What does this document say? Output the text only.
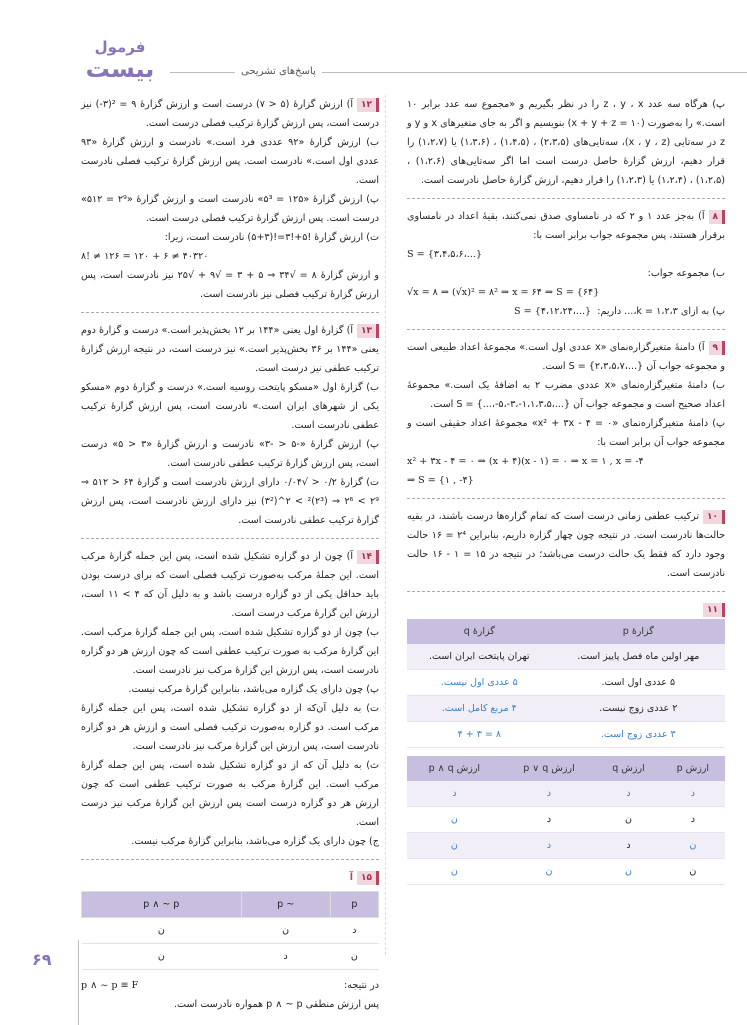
فرمول
بیست	پاسخ‌های تشریحی

پ) هرگاه سه عدد z ، y ، x را در نظر بگیریم و «مجموع سه عدد برابر ۱۰ است.» را به‌صورت (x + y + z = ۱۰) بنویسیم و اگر به جای متغیرهای x و y و z در سه‌تایی (x ، y ، z)، سه‌تایی‌های (۲،۳،۵) ، (۱،۴،۵) ، (۱،۳،۶) یا (۱،۲،۷) را قرار دهیم، ارزش گزارهٔ حاصل درست است اما اگر سه‌تایی‌های (۱،۲،۶) ، (۱،۲،۵) ، (۱،۲،۴) یا (۱،۲،۳) را قرار دهیم، ارزش گزارهٔ حاصل نادرست است.

۸آ) به‌جز عدد ۱ و ۲ که در نامساوی صدق نمی‌کنند، بقیهٔ اعداد در نامساوی برقرار هستند، پس مجموعه جواب برابر است با:

S = {۳،۴،۵،۶،...}

ب) مجموعه جواب:

√x = ۸ ⇒ (√x)² = ۸² ⇒ x = ۶۴ ⇒ S = {۶۴}

پ) به ازای k = ۱،۲،۳،... داریم:  S = {۴،۱۲،۲۴،...}

۹آ) دامنهٔ متغیرگزاره‌نمای «x عددی اول است.» مجموعهٔ اعداد طبیعی است و مجموعه جواب آن S = {۲،۳،۵،۷،...} است.

ب) دامنهٔ متغیرگزاره‌نمای «x عددی مضرب ۲ به اضافهٔ یک است.» مجموعهٔ اعداد صحیح است و مجموعه جواب آن S = {...،-۵،-۳،-۱،۱،۳،۵،...} است.

پ) دامنهٔ متغیرگزاره‌نمای «x² + ۳x - ۴ = ۰» مجموعهٔ اعداد حقیقی است و مجموعه جواب آن برابر است با:

x² + ۳x - ۴ = ۰ ⇒ (x + ۴)(x - ۱) = ۰ ⇒ x = ۱ , x = -۴

⇒ S = {۱ , -۴}

۱۰ترکیب عطفی زمانی درست است که تمام گزاره‌ها درست باشند، در بقیه حالت‌ها نادرست است. در نتیجه چون چهار گزاره داریم، بنابراین ۲⁴ = ۱۶ حالت وجود دارد که فقط یک حالت درست می‌باشد؛ در نتیجه در ۱۵ = ۱ - ۱۶ حالت نادرست است.

۱۱

گزارهٔ p	گزارهٔ q
مهر اولین ماه فصل پاییز است.	تهران پایتخت ایران است.
۵ عددی اول است.	۵ عددی اول نیست.
۲ عددی زوج نیست.	۴ مربع کامل است.
۳ عددی زوج است.	۸ = ۳ + ۴
ارزش p	ارزش q	ارزش p ∨ q	ارزش p ∧ q
د	د	د	د
د	ن	د	ن
ن	د	د	ن
ن	ن	ن	ن

۱۲آ) ارزش گزارهٔ (۵ < ۷) درست است و ارزش گزارهٔ ۹ = ²(۳-) نیز درست است، پس ارزش گزارهٔ ترکیب فصلی درست است.

ب) ارزش گزارهٔ «۹۲ عددی فرد است.» نادرست و ارزش گزارهٔ «۹۳ عددی اول است.» نادرست است. پس ارزش گزارهٔ ترکیب فصلی نادرست است.

پ) ارزش گزارهٔ «۱۲۵ = ۵³» نادرست است و ارزش گزارهٔ «۲⁹ = ۵۱۲» درست است. پس ارزش گزارهٔ ترکیب فصلی درست است.

ت) ارزش گزارهٔ !۵+!۳=!(۳+۵) نادرست است، زیرا:

۸! ≠ ۱۲۶ = ۱۲۰ + ۶ ≠ ۴۰۳۲۰

و ارزش گزارهٔ ۸ = √۳۴ ⇒ ۵ + ۳ = √۹ + √۲۵ نیز نادرست است، پس ارزش گزارهٔ ترکیب فصلی نیز نادرست است.

۱۳آ) گزارهٔ اول یعنی «۱۴۴ بر ۱۲ بخش‌پذیر است.» درست و گزارهٔ دوم یعنی «۱۴۴ بر ۳۶ بخش‌پذیر است.» نیز درست است، در نتیجه ارزش گزارهٔ ترکیب عطفی نیز درست است.

ب) گزارهٔ اول «مسکو پایتخت روسیه است.» درست و گزارهٔ دوم «مسکو یکی از شهرهای ایران است.» نادرست است، پس ارزش گزارهٔ ترکیب عطفی نادرست است.

پ) ارزش گزارهٔ «-۵ < -۳» نادرست و ارزش گزارهٔ «۳ < ۵» درست است، پس ارزش گزارهٔ ترکیب عطفی نادرست است.

ت) گزارهٔ ۰/۲ < √۰/۰۴ دارای ارزش نادرست است و گزارهٔ ۶۴ < ۵۱۲ ⇒ ۲⁹ > ۲⁶ ⇒ (۲³)² > ۲^(۳²) نیز دارای ارزش نادرست است، پس ارزش گزارهٔ ترکیب عطفی نادرست است.

۱۴آ) چون از دو گزاره تشکیل شده است، پس این جمله گزارهٔ مرکب است. این جملهٔ مرکب به‌صورت ترکیب فصلی است که برای درست بودن باید حداقل یکی از دو گزاره درست باشد و به دلیل آن که ۴ > ۱۱ است، ارزش این گزارهٔ مرکب درست است.

ب) چون از دو گزاره تشکیل شده است، پس این جمله گزارهٔ مرکب است. این گزارهٔ مرکب به صورت ترکیب عطفی است که چون ارزش هر دو گزاره نادرست است، پس ارزش این گزارهٔ مرکب نیز نادرست است.

پ) چون دارای یک گزاره می‌باشد، بنابراین گزارهٔ مرکب نیست.

ت) به دلیل آن‌که از دو گزاره تشکیل شده است، پس این جمله گزارهٔ مرکب است. دو گزاره به‌صورت ترکیب فصلی است و ارزش هر دو گزاره نادرست است، پس ارزش این گزارهٔ مرکب نیز نادرست است.

ث) به دلیل آن که از دو گزاره تشکیل شده است، پس این جمله گزارهٔ مرکب است. این گزارهٔ مرکب به صورت ترکیب عطفی است که چون ارزش هر دو گزاره درست است پس ارزش این گزارهٔ مرکب نیز درست است.

ج) چون دارای یک گزاره می‌باشد، بنابراین گزارهٔ مرکب نیست.

۱۵آ

p	~ p	p ∧ ~ p
د	ن	ن
ن	د	ن

در نتیجه:
p ∧ ~ p ≡ F

پس ارزش منطقی p ∧ ~ p همواره نادرست است.

۶۹
